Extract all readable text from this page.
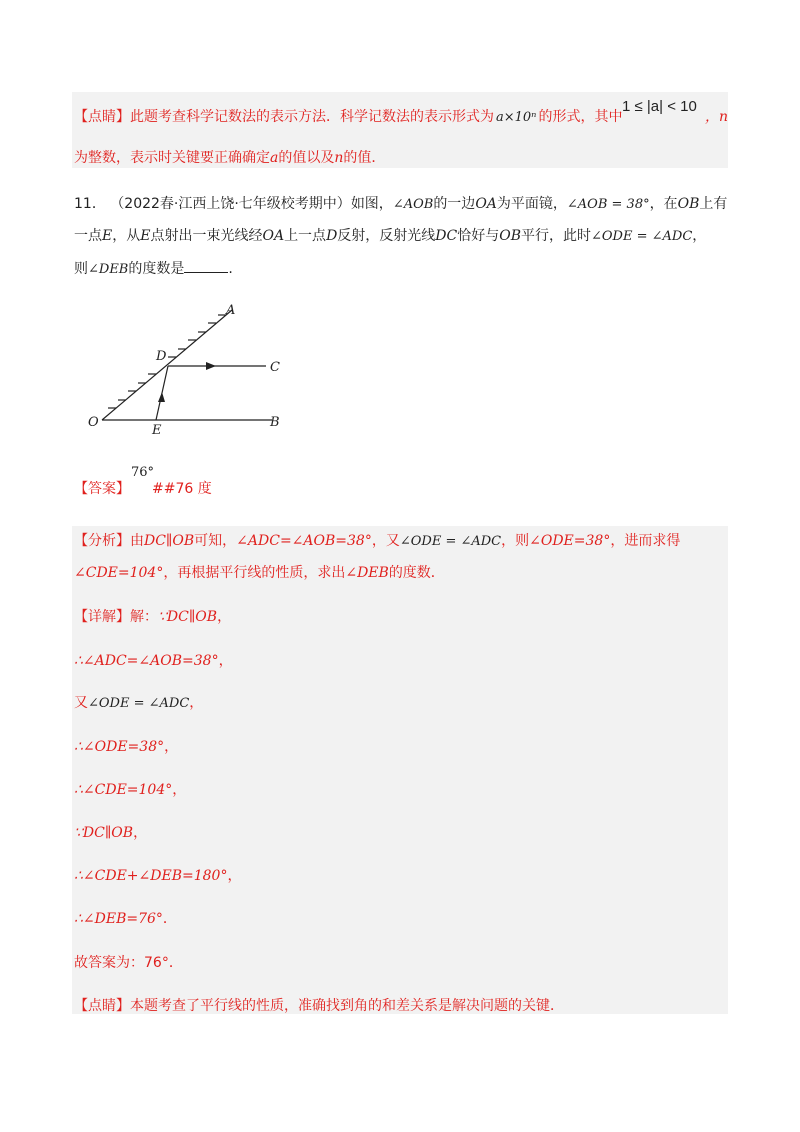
【点睛】此题考查科学记数法的表示方法．科学记数法的表示形式为 a×10ⁿ 的形式，其中
1 ≤ |a| < 10
，n
为整数，表示时关键要正确确定a的值以及n的值．
11． （2022春·江西上饶·七年级校考期中）如图，∠AOB的一边OA为平面镜，∠AOB = 38°，在OB上有
一点E，从E点射出一束光线经OA上一点D反射，反射光线DC恰好与OB平行，此时∠ODE = ∠ADC，
则∠DEB的度数是	.
A
C
D
O
E
B
【答案】
76°
##76 度
【分析】由DC∥OB可知，∠ADC=∠AOB=38°，又∠ODE = ∠ADC，则∠ODE=38°，进而求得
∠CDE=104°，再根据平行线的性质，求出∠DEB的度数．
【详解】解：∵DC∥OB，
∴∠ADC=∠AOB=38°，
又∠ODE = ∠ADC，
∴∠ODE=38°，
∴∠CDE=104°，
∵DC∥OB，
∴∠CDE+∠DEB=180°，
∴∠DEB=76°．
故答案为：76°．
【点睛】本题考查了平行线的性质，准确找到角的和差关系是解决问题的关键．
